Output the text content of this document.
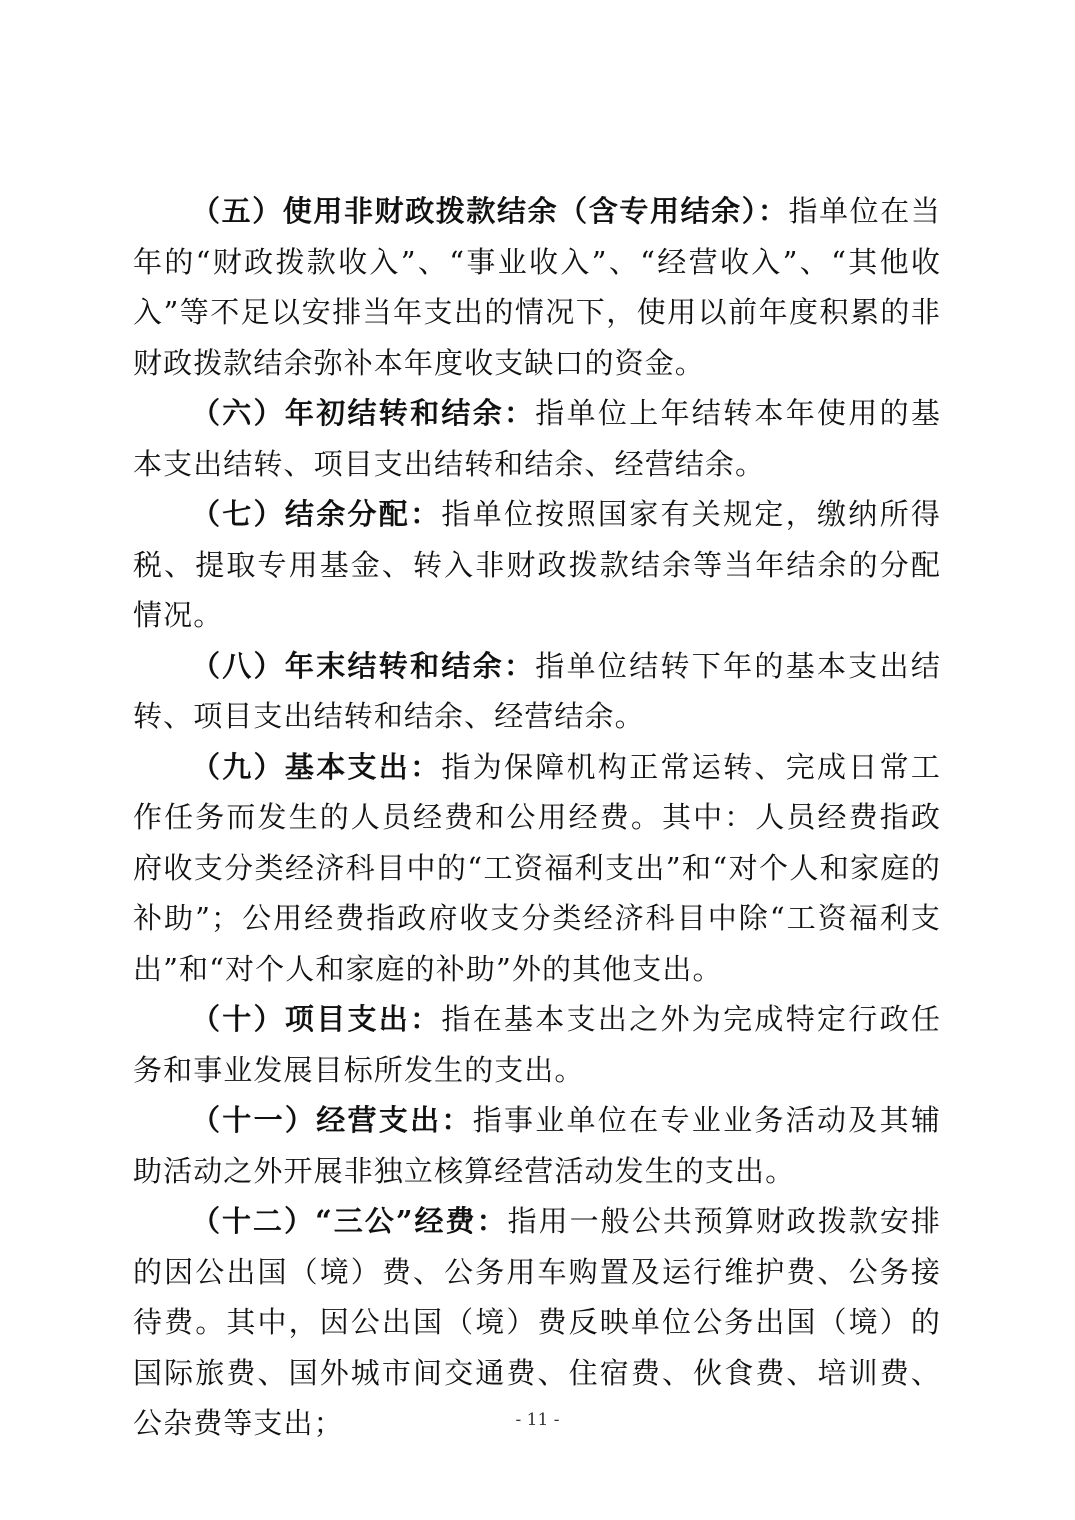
（五）使用非财政拨款结余（含专用结余）：指单位在当年的“财政拨款收入”、“事业收入”、“经营收入”、“其他收入”等不足以安排当年支出的情况下，使用以前年度积累的非财政拨款结余弥补本年度收支缺口的资金。

（六）年初结转和结余：指单位上年结转本年使用的基本支出结转、项目支出结转和结余、经营结余。

（七）结余分配：指单位按照国家有关规定，缴纳所得税、提取专用基金、转入非财政拨款结余等当年结余的分配情况。

（八）年末结转和结余：指单位结转下年的基本支出结转、项目支出结转和结余、经营结余。

（九）基本支出：指为保障机构正常运转、完成日常工作任务而发生的人员经费和公用经费。其中：人员经费指政府收支分类经济科目中的“工资福利支出”和“对个人和家庭的补助”；公用经费指政府收支分类经济科目中除“工资福利支出”和“对个人和家庭的补助”外的其他支出。

（十）项目支出：指在基本支出之外为完成特定行政任务和事业发展目标所发生的支出。

（十一）经营支出：指事业单位在专业业务活动及其辅助活动之外开展非独立核算经营活动发生的支出。

（十二）“三公”经费：指用一般公共预算财政拨款安排的因公出国（境）费、公务用车购置及运行维护费、公务接待费。其中，因公出国（境）费反映单位公务出国（境）的国际旅费、国外城市间交通费、住宿费、伙食费、培训费、公杂费等支出；	- 11 -
